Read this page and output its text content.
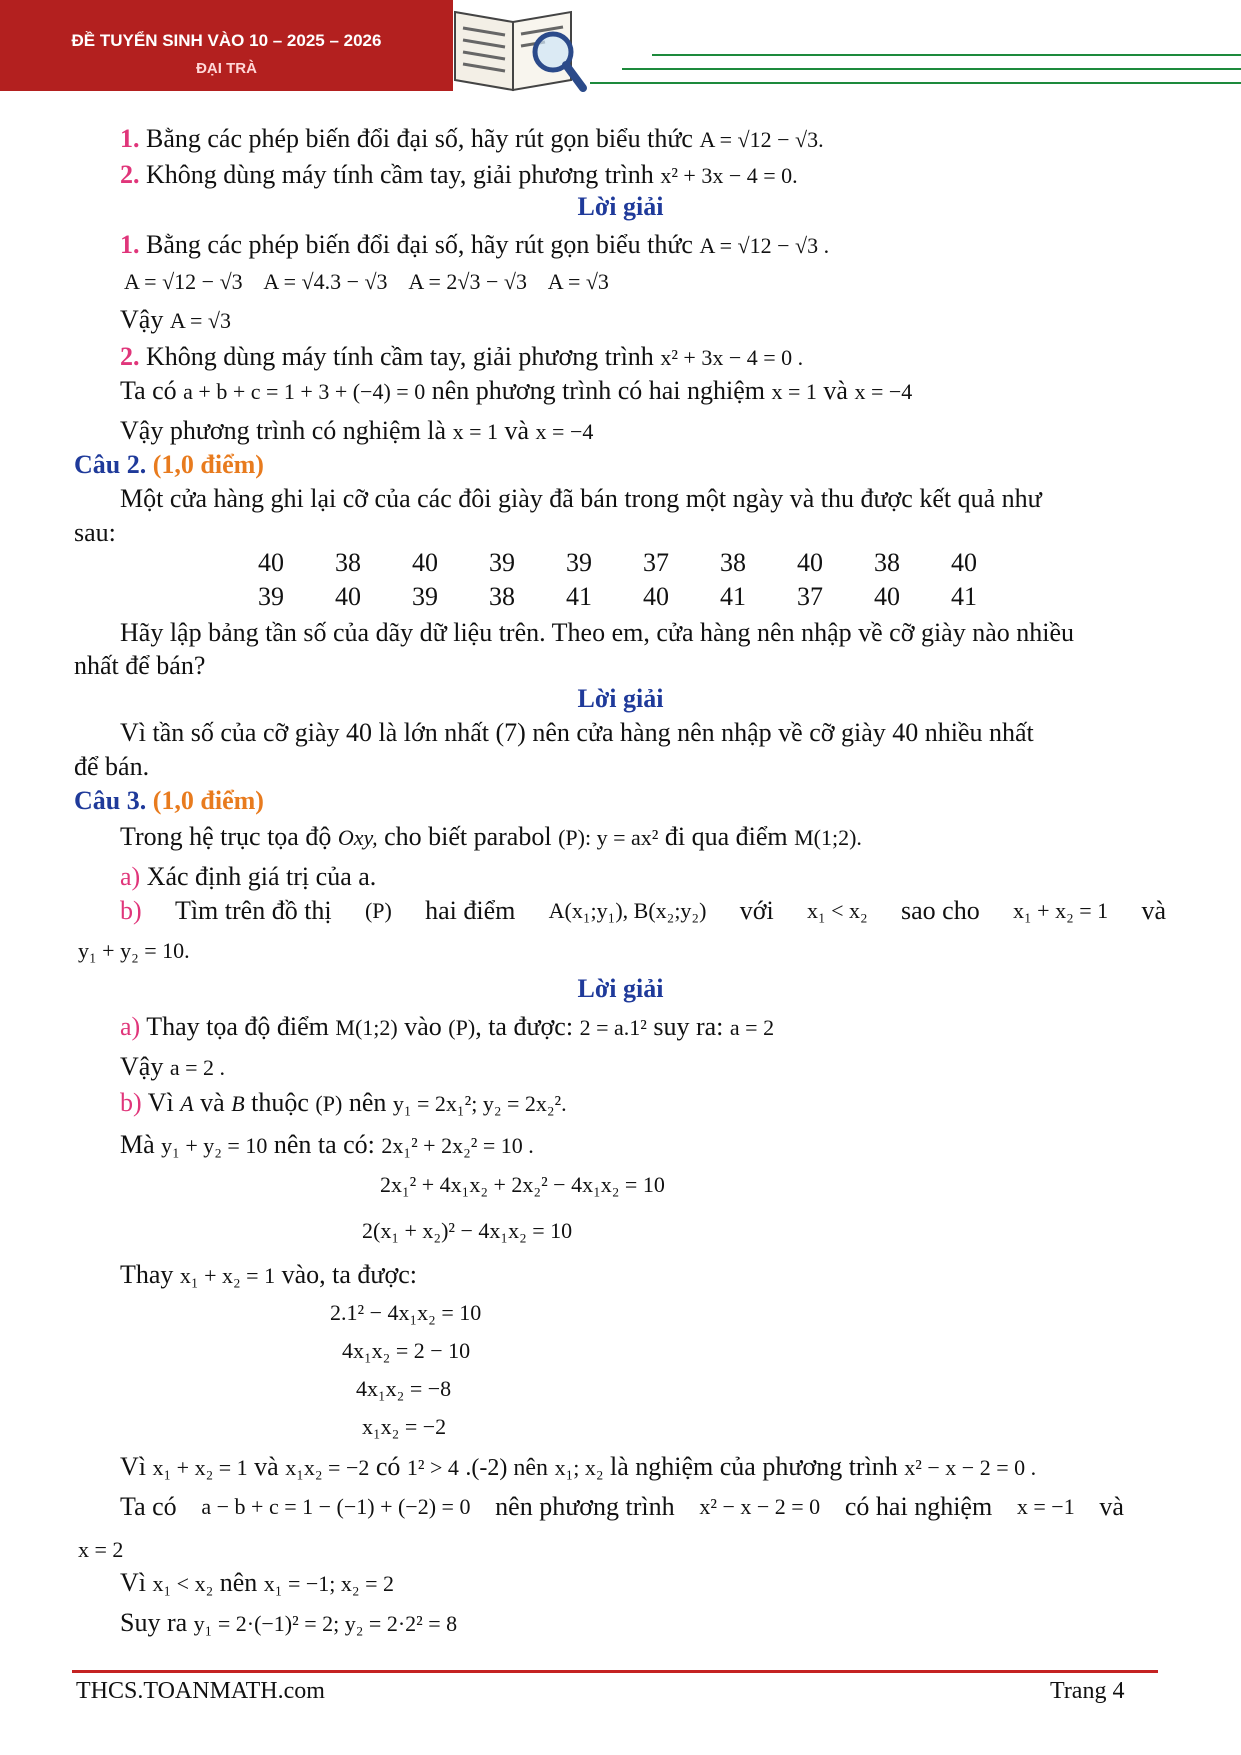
ĐỀ TUYỂN SINH VÀO 10 – 2025 – 2026
ĐẠI TRÀ
1. Bằng các phép biến đổi đại số, hãy rút gọn biểu thức A = √12 − √3.
2. Không dùng máy tính cầm tay, giải phương trình x² + 3x − 4 = 0.
Lời giải
1. Bằng các phép biến đổi đại số, hãy rút gọn biểu thức A = √12 − √3 .
A = √12 − √3    A = √4.3 − √3    A = 2√3 − √3    A = √3
Vậy A = √3
2. Không dùng máy tính cầm tay, giải phương trình x² + 3x − 4 = 0 .
Ta có a + b + c = 1 + 3 + (−4) = 0 nên phương trình có hai nghiệm x = 1 và x = −4
Vậy phương trình có nghiệm là x = 1 và x = −4
Câu 2. (1,0 điểm)
Một cửa hàng ghi lại cỡ của các đôi giày đã bán trong một ngày và thu được kết quả như
sau:
40 38 40 39 39 37 38 40 38 40
39 40 39 38 41 40 41 37 40 41
Hãy lập bảng tần số của dãy dữ liệu trên. Theo em, cửa hàng nên nhập về cỡ giày nào nhiều
nhất để bán?
Lời giải
Vì tần số của cỡ giày 40 là lớn nhất (7) nên cửa hàng nên nhập về cỡ giày 40 nhiều nhất
để bán.
Câu 3. (1,0 điểm)
Trong hệ trục tọa độ Oxy, cho biết parabol (P): y = ax² đi qua điểm M(1;2).
a) Xác định giá trị của a.
b) Tìm trên đồ thị (P) hai điểm A(x₁;y₁), B(x₂;y₂) với x₁ < x₂ sao cho x₁ + x₂ = 1 và
y₁ + y₂ = 10.
Lời giải
a) Thay tọa độ điểm M(1;2) vào (P), ta được: 2 = a.1² suy ra: a = 2
Vậy a = 2 .
b) Vì A và B thuộc (P) nên y₁ = 2x₁²; y₂ = 2x₂².
Mà y₁ + y₂ = 10 nên ta có: 2x₁² + 2x₂² = 10 .
2x₁² + 4x₁x₂ + 2x₂² − 4x₁x₂ = 10
2(x₁ + x₂)² − 4x₁x₂ = 10
Thay x₁ + x₂ = 1 vào, ta được:
2.1² − 4x₁x₂ = 10
4x₁x₂ = 2 − 10
4x₁x₂ = −8
x₁x₂ = −2
Vì x₁ + x₂ = 1 và x₁x₂ = −2 có 1² > 4 .(-2) nên x₁; x₂ là nghiệm của phương trình x² − x − 2 = 0 .
Ta có a − b + c = 1 − (−1) + (−2) = 0 nên phương trình x² − x − 2 = 0 có hai nghiệm x = −1 và
x = 2
Vì x₁ < x₂ nên x₁ = −1; x₂ = 2
Suy ra y₁ = 2·(−1)² = 2; y₂ = 2·2² = 8
THCS.TOANMATH.com	Trang 4
